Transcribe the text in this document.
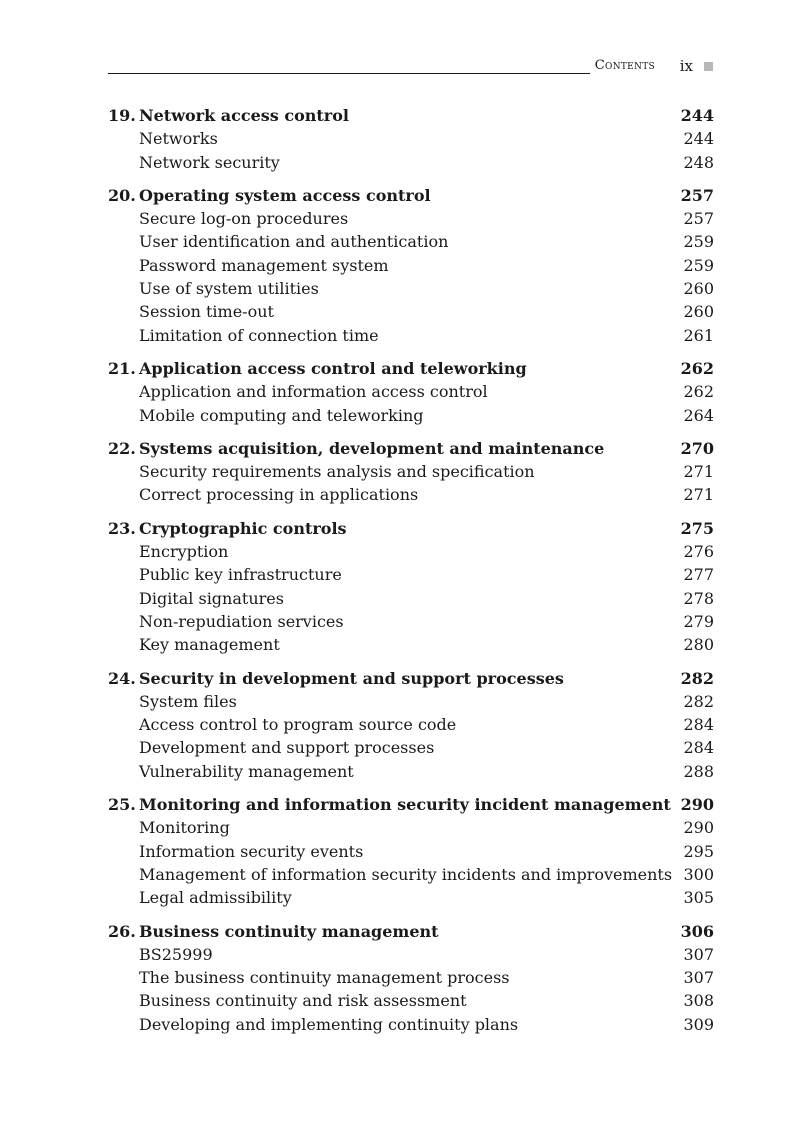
Contents ix
19. Network access control	244
Networks	244
Network security	248
20. Operating system access control	257
Secure log-on procedures	257
User identification and authentication	259
Password management system	259
Use of system utilities	260
Session time-out	260
Limitation of connection time	261
21. Application access control and teleworking	262
Application and information access control	262
Mobile computing and teleworking	264
22. Systems acquisition, development and maintenance	270
Security requirements analysis and specification	271
Correct processing in applications	271
23. Cryptographic controls	275
Encryption	276
Public key infrastructure	277
Digital signatures	278
Non-repudiation services	279
Key management	280
24. Security in development and support processes	282
System files	282
Access control to program source code	284
Development and support processes	284
Vulnerability management	288
25. Monitoring and information security incident management 290
Monitoring	290
Information security events	295
Management of information security incidents and improvements 300
Legal admissibility	305
26. Business continuity management	306
BS25999	307
The business continuity management process	307
Business continuity and risk assessment	308
Developing and implementing continuity plans	309
